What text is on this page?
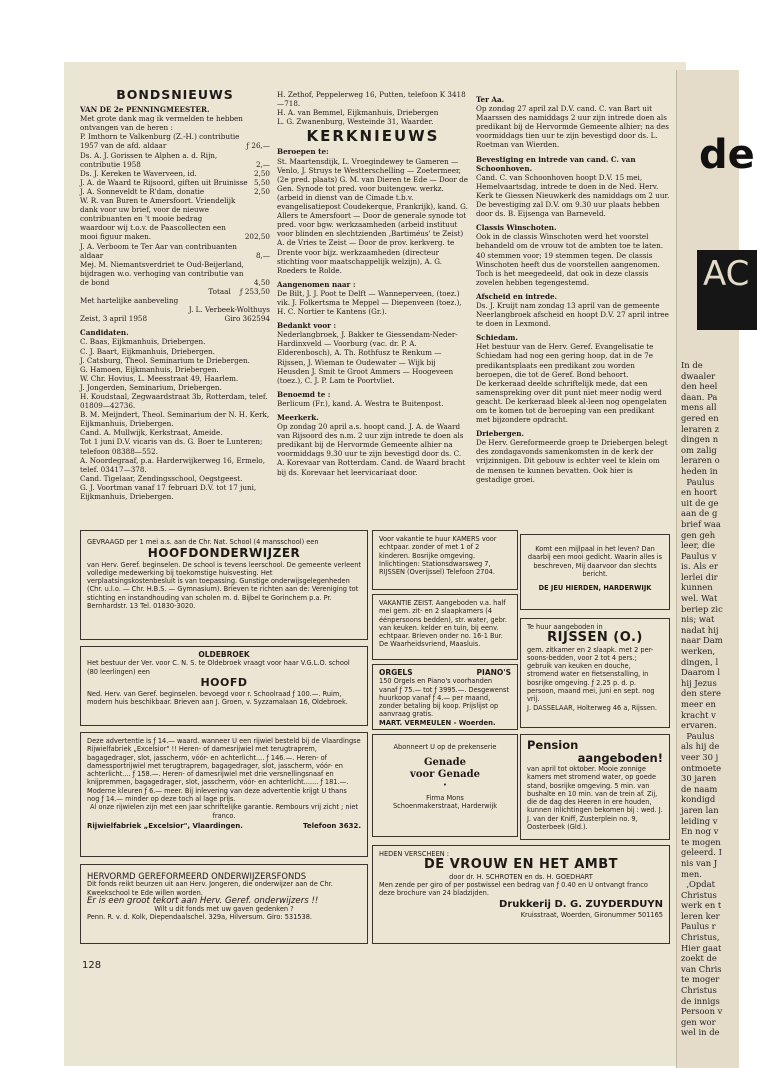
de
AC
In de
dwaaler
den heel
daan. Pa
mens all
gered en
leraren z
dingen n
om zalig
leraren o
heden in
Paulus
en hoort
uit de ge
aan de g
brief waa
gen geh
leer, die
Paulus v
is. Als er
lerlei dir
kunnen
wel. Wat
beriep zic
nis; wat
nadat hij
naar Dam
werken,
dingen, l
Daarom l
hij Jezus
den stere
meer en
kracht v
ervaren.
Paulus
als hij de
veer 30 j
ontmoete
30 jaren
de naam
kondigd
jaren lan
leiding v
En nog v
te mogen
geleerd. I
nis van J
men.
‚Opdat
Christus
werk en t
leren ker
Paulus r
Christus,
Hier gaat
zoekt de
van Chris
te moger
Christus
de innigs
Persoon v
gen wor
wel in de
BONDSNIEUWS

VAN DE 2e PENNINGMEESTER.

Met grote dank mag ik vermelden te hebben ontvangen van de heren :

P. Imthorn te Valkenburg (Z.-H.) contributie 1957 van de afd. aldaar	ƒ 26,—
Ds. A. J. Gorissen te Alphen a. d. Rijn, contributie 1958	2,—
Ds. J. Kereken te Waverveen, id.	2,50
J. A. de Waard te Rijsoord, giften uit Bruinisse 5,50
J. A. Sonneveldt te R'dam, donatie	2,50
W. R. van Buren te Amersfoort. Vriendelijk dank voor uw brief, voor de nieuwe contribuanten en 't mooie bedrag waardoor wij t.o.v. de Paascollecten een mooi figuur maken.	202,50
J. A. Verboom te Ter Aar van contribuanten aldaar	8,—
Mej. M. Niemantsverdriet te Oud-Beijerland, bijdragen w.o. verhoging van contributie van de bond	4,50
Totaal ƒ 253,50

Met hartelijke aanbeveling

J. L. Verbeek-Wolthuys

Zeist, 3 april 1958	Giro 362594

Candidaten.

C. Baas, Eijkmanhuis, Driebergen.
C. J. Baart, Eijkmanhuis, Driebergen.
J. Catsburg, Theol. Seminarium te Driebergen.
G. Hamoen, Eijkmanhuis, Driebergen.
W. Chr. Hovius, L. Meesstraat 49, Haarlem.
J. Jongerden, Seminarium, Driebergen.
H. Koudstaal, Zegwaardstraat 3b, Rotterdam, telef. 01809—42736.
B. M. Meijndert, Theol. Seminarium der N. H. Kerk, Eijkmanhuis, Driebergen.
Cand. A. Mullwijk, Kerkstraat, Ameide.
Tot 1 juni D.V. vicaris van ds. G. Boer te Lunteren; telefoon 08388—552.
A. Noordegraaf, p.a. Harderwijkerweg 16, Ermelo, telef. 03417—378.
Cand. Tigelaar, Zendingsschool, Oegstgeest.
G. J. Voortman vanaf 17 februari D.V. tot 17 juni, Eijkmanhuis, Driebergen.

H. Zethof, Peppelerweg 16, Putten, telefoon K 3418—718.
H. A. van Bemmel, Eijkmanhuis, Driebergen
L. G. Zwanenburg, Westeinde 31, Waarder.

KERKNIEUWS

Beroepen te:

St. Maartensdijk, L. Vroegindewey te Gameren — Venlo, J. Struys te Westterschelling — Zoetermeer, (2e pred. plaats) G. M. van Dieren te Ede — Door de Gen. Synode tot pred. voor buitengew. werkz. (arbeid in dienst van de Cimade t.b.v. evangelisatiepost Coudekerque, Frankrijk), kand. G. Allers te Amersfoort — Door de generale synode tot pred. voor bgw. werkzaamheden (arbeid instituut voor blinden en slechtzienden ‚Bartiméus' te Zeist) A. de Vries te Zeist — Door de prov. kerkverg. te Drente voor bijz. werkzaamheden (directeur stichting voor maatschappelijk welzijn), A. G. Roeders te Rolde.

Aangenomen naar :

De Bilt, J. J. Poot te Delft — Wanneperveen, (toez.) vik. J. Folkertsma te Meppel — Diepenveen (toez.), H. C. Nortier te Kantens (Gr.).

Bedankt voor :

Nederlangbroek, J. Bakker te Giessendam-Neder-Hardinxveld — Voorburg (vac. dr. P. A. Elderenbosch), A. Th. Rothfusz te Renkum — Rijssen, J. Wieman te Oudewater — Wijk bij Heusden J. Smit te Groot Ammers — Hoogeveen (toez.), C. J. P. Lam te Poortvliet.

Benoemd te :

Berlicum (Fr.), kand. A. Westra te Buitenpost.

Meerkerk.

Op zondag 20 april a.s. hoopt cand. J. A. de Waard van Rijsoord des n.m. 2 uur zijn intrede te doen als predikant bij de Hervormde Gemeente alhier na voormiddags 9.30 uur te zijn bevestigd door ds. C. A. Korevaar van Rotterdam. Cand. de Waard bracht bij ds. Korevaar het leervicariaat door.

Ter Aa.

Op zondag 27 april zal D.V. cand. C. van Bart uit Maarssen des namiddags 2 uur zijn intrede doen als predikant bij de Hervormde Gemeente alhier; na des voormiddags tien uur te zijn bevestigd door ds. L. Roetman van Wierden.

Bevestiging en intrede van cand. C. van Schoonhoven.

Cand. C. van Schoonhoven hoopt D.V. 15 mei, Hemelvaartsdag, intrede te doen in de Ned. Herv. Kerk te Giessen Nieuwkerk des namiddags om 2 uur. De bevestiging zal D.V. om 9.30 uur plaats hebben door ds. B. Eijsenga van Barneveld.

Classis Winschoten.

Ook in de classis Winschoten werd het voorstel behandeld om de vrouw tot de ambten toe te laten. 40 stemmen voor; 19 stemmen tegen. De classis Winschoten heeft dus de voorstellen aangenomen.
Toch is het meegedeeld, dat ook in deze classis zovelen hebben tegengestemd.

Afscheid en intrede.

Ds. J. Kruijt nam zondag 13 april van de gemeente Neerlangbroek afscheid en hoopt D.V. 27 april intree te doen in Lexmond.

Schiedam.

Het bestuur van de Herv. Geref. Evangelisatie te Schiedam had nog een gering hoop, dat in de 7e predikantsplaats een predikant zou worden beroepen, die tot de Geref. Bond behoort.
De kerkeraad deelde schriftelijk mede, dat een samenspreking over dit punt niet meer nodig werd geacht. De kerkeraad bleek al-leen nog opengelaten om te komen tot de beroeping van een predikant met bijzondere opdracht.

Driebergen.

De Herv. Gereformeerde groep te Driebergen belegt des zondagavonds samenkomsten in de kerk der vrijzinnigen. Dit gebouw is echter veel te klein om de mensen te kunnen bevatten. Ook hier is gestadige groei.

GEVRAAGD per 1 mei a.s. aan de Chr. Nat. School (4 mansschool) een

HOOFDONDERWIJZER

van Herv. Geref. beginselen. De school is tevens leerschool. De gemeente verleent volledige medewerking bij toekomstige huisvesting. Het verplaatsingskostenbesluit is van toepassing. Gunstige onderwijsgelegenheden (Chr. u.l.o. — Chr. H.B.S. — Gymnasium). Brieven te richten aan de: Vereniging tot stichting en instandhouding van scholen m. d. Bijbel te Gorinchem p.a. Pr. Bernhardstr. 13 Tel. 01830-3020.

OLDEBROEK

Het bestuur der Ver. voor C. N. S. te Oldebroek vraagt voor haar V.G.L.O. school (80 leerlingen) een

HOOFD

Ned. Herv. van Geref. beginselen. bevoegd voor r. Schoolraad ƒ 100.—. Ruim, modern huis beschikbaar. Brieven aan J. Groen, v. Syzzamalaan 16, Oldebroek.

Deze advertentie is ƒ 14.— waard. wanneer U een rijwiel besteld bij de Vlaardingse Rijwielfabriek „Excelsior" !! Heren- of damesrijwiel met terugtraprem, bagagedrager, slot, jasscherm, vóór- en achterlicht.... ƒ 146.—. Heren- of damessportrijwiel met terugtraprem, bagagedrager, slot, jasscherm, vóór- en achterlicht.... ƒ 158.—. Heren- of damesrijwiel met drie versnellingsnaaf en knijpremmen, bagagedrager, slot, jasscherm, vóór- en achterlicht....... ƒ 181.—. Moderne kleuren ƒ 6.— meer. Bij inlevering van deze advertentie krijgt U thans nog ƒ 14.— minder op deze toch al lage prijs.

Al onze rijwielen zijn met een jaar schriftelijke garantie. Rembours vrij zicht ; niet franco.

Rijwielfabriek „Excelsior", Vlaardingen.	Telefoon 3632.

HERVORMD GEREFORMEERD ONDERWIJZERSFONDS

Dit fonds reikt beurzen uit aan Herv. Jongeren, die onderwijzer aan de Chr. Kweekschool te Ede willen worden.

Er is een groot tekort aan Herv. Geref. onderwijzers !!

Wilt u dit fonds met uw gaven gedenken ?

Penn. R. v. d. Kolk, Diependaalschel. 329a, Hilversum. Giro: 531538.

Voor vakantie te huur KAMERS voor echtpaar. zonder of met 1 of 2 kinderen. Bosrijke omgeving. Inlichtingen: Stationsdwarsweg 7, RIJSSEN (Overijssel) Telefoon 2704.

VAKANTIE ZEIST. Aangeboden v.a. half mei gem. zit- en 2 slaapkamers (4 éénpersoons bedden), str. water, gebr. van keuken. kelder en tuin, bij eenv. echtpaar. Brieven onder no. 16-1 Bur. De Waarheidsvriend, Maasluis.

ORGELS	PIANO'S

150 Orgels en Piano's voorhanden vanaf ƒ 75.— tot ƒ 3995.—. Desgewenst huurkoop vanaf ƒ 4.— per maand, zonder betaling bij koop. Prijslijst op aanvraag gratis.

MART. VERMEULEN - Woerden.

Abonneert U op de prekenserie

Genade

voor Genade

•

Firma Mons

Schoenmakerstraat, Harderwijk

Komt een mijlpaal in het leven? Dan daarbij een mooi gedicht. Waarin alles is beschreven, Mij daarvoor dan slechts bericht.

DE JEU HIERDEN, HARDERWIJK

Te huur aangeboden in

RIJSSEN (O.)

gem. zitkamer en 2 slaapk. met 2 per-soons-bedden, voor 2 tot 4 pers.; gebruik van keuken en douche, stromend water en fietsenstalling, in bosrijke omgeving. ƒ 2.25 p. d. p. persoon, maand mei, juni en sept. nog vrij.

J. DASSELAAR, Holterweg 46 a, Rijssen.

Pension

aangeboden!

van april tot oktober. Mooie zonnige kamers met stromend water, op goede stand, bosrijke omgeving. 5 min. van bushalte en 10 min. van de trein af. Zij, die de dag des Heeren in ere houden, kunnen inlichtingen bekomen bij : wed. J. J. van der Kniff, Zusterplein no. 9, Oosterbeek (Gld.).

HEDEN VERSCHEEN :

DE VROUW EN HET AMBT

door dr. H. SCHROTEN en ds. H. GOEDHART

Men zende per giro of per postwissel een bedrag van ƒ 0.40 en U ontvangt franco deze brochure van 24 bladzijden.

Drukkerij D. G. ZUYDERDUYN

Kruisstraat, Woerden, Gironummer 501165

128
